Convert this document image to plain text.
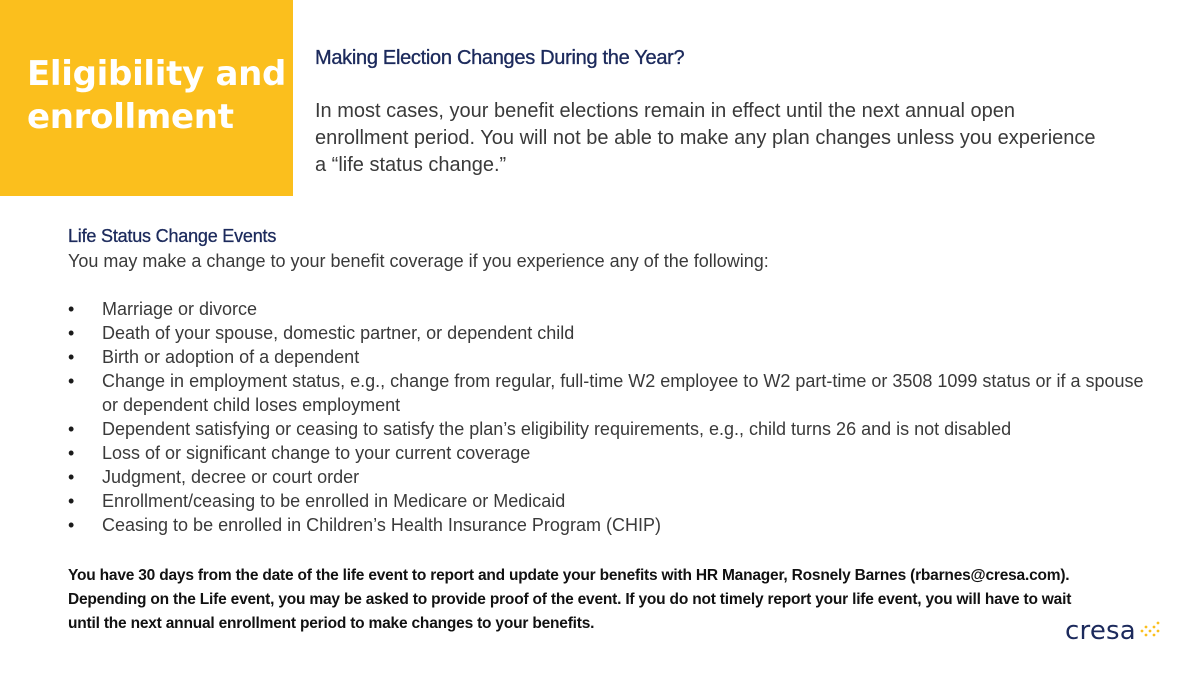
Eligibility and
enrollment
Making Election Changes During the Year?

In most cases, your benefit elections remain in effect until the next annual open enrollment period. You will not be able to make any plan changes unless you experience a “life status change.”

Life Status Change Events

You may make a change to your benefit coverage if you experience any of the following:

•	Marriage or divorce
•	Death of your spouse, domestic partner, or dependent child
•	Birth or adoption of a dependent
•	Change in employment status, e.g., change from regular, full-time W2 employee to W2 part-time or 3508 1099 status or if a spouse or dependent child loses employment
•	Dependent satisfying or ceasing to satisfy the plan’s eligibility requirements, e.g., child turns 26 and is not disabled
•	Loss of or significant change to your current coverage
•	Judgment, decree or court order
•	Enrollment/ceasing to be enrolled in Medicare or Medicaid
•	Ceasing to be enrolled in Children’s Health Insurance Program (CHIP)

You have 30 days from the date of the life event to report and update your benefits with HR Manager, Rosnely Barnes (rbarnes@cresa.com). Depending on the Life event, you may be asked to provide proof of the event. If you do not timely report your life event, you will have to wait until the next annual enrollment period to make changes to your benefits.	cresa
